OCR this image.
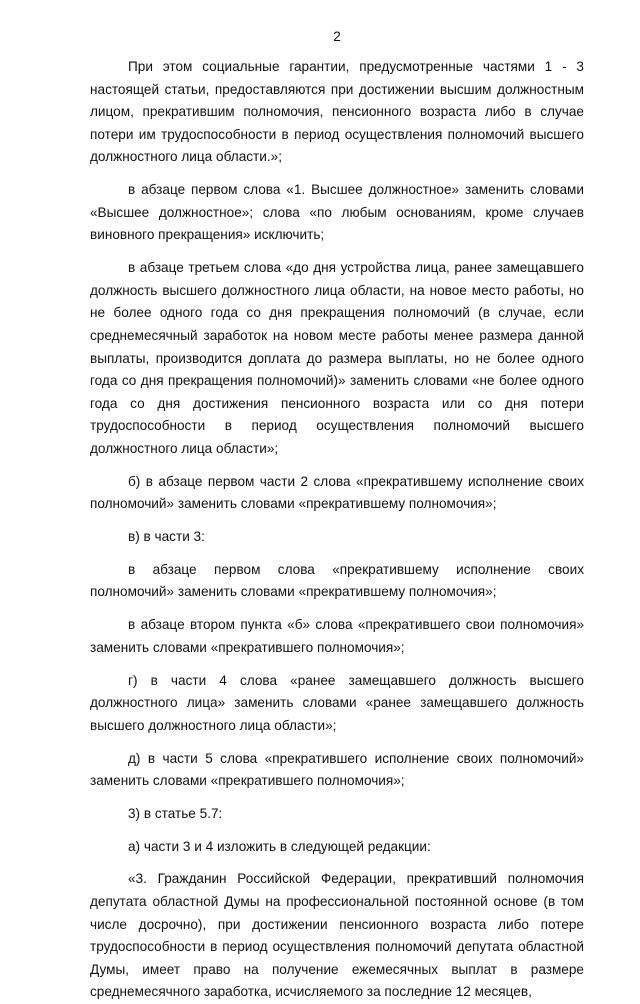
2

При этом социальные гарантии, предусмотренные частями 1 - 3 настоящей статьи, предоставляются при достижении высшим должностным лицом, прекратившим полномочия, пенсионного возраста либо в случае потери им трудоспособности в период осуществления полномочий высшего должностного лица области.»;

в абзаце первом слова «1. Высшее должностное» заменить словами «Высшее должностное»; слова «по любым основаниям, кроме случаев виновного прекращения» исключить;

в абзаце третьем слова «до дня устройства лица, ранее замещавшего должность высшего должностного лица области, на новое место работы, но не более одного года со дня прекращения полномочий (в случае, если среднемесячный заработок на новом месте работы менее размера данной выплаты, производится доплата до размера выплаты, но не более одного года со дня прекращения полномочий)» заменить словами «не более одного года со дня достижения пенсионного возраста или со дня потери трудоспособности в период осуществления полномочий высшего должностного лица области»;

б) в абзаце первом части 2 слова «прекратившему исполнение своих полномочий» заменить словами «прекратившему полномочия»;

в) в части 3:

в абзаце первом слова «прекратившему исполнение своих полномочий» заменить словами «прекратившему полномочия»;

в абзаце втором пункта «б» слова «прекратившего свои полномочия» заменить словами «прекратившего полномочия»;

г) в части 4 слова «ранее замещавшего должность высшего должностного лица» заменить словами «ранее замещавшего должность высшего должностного лица области»;

д) в части 5 слова «прекратившего исполнение своих полномочий» заменить словами «прекратившего полномочия»;

3) в статье 5.7:

а) части 3 и 4 изложить в следующей редакции:

«3. Гражданин Российской Федерации, прекративший полномочия депутата областной Думы на профессиональной постоянной основе (в том числе досрочно), при достижении пенсионного возраста либо потере трудоспособности в период осуществления полномочий депутата областной Думы, имеет право на получение ежемесячных выплат в размере среднемесячного заработка, исчисляемого за последние 12 месяцев,
